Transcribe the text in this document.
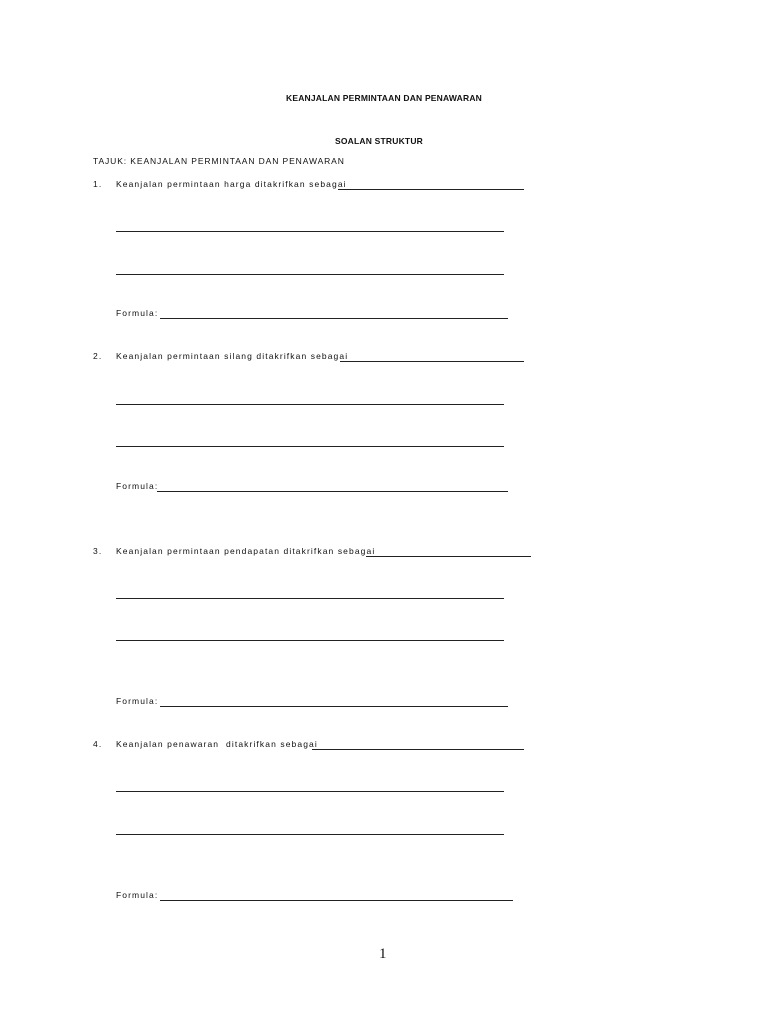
KEANJALAN PERMINTAAN DAN PENAWARAN
SOALAN STRUKTUR
TAJUK: KEANJALAN PERMINTAAN DAN PENAWARAN
1. Keanjalan permintaan harga ditakrifkan sebagai
Formula:
2. Keanjalan permintaan silang ditakrifkan sebagai
Formula:
3. Keanjalan permintaan pendapatan ditakrifkan sebagai
Formula:
4. Keanjalan penawaran  ditakrifkan sebagai
Formula:
1
